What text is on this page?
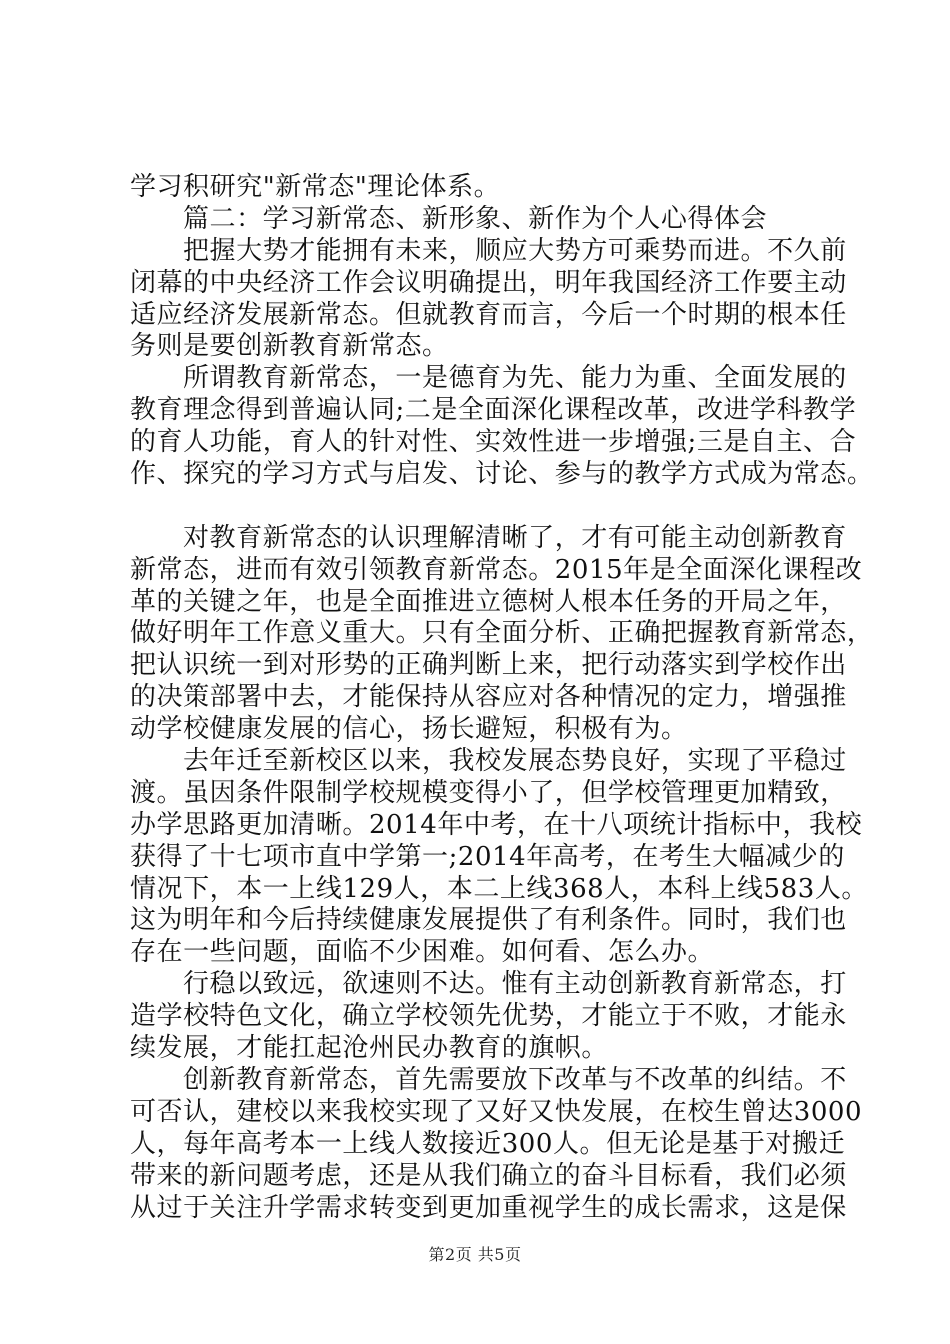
学习积研究"新常态"理论体系。
篇二：学习新常态、新形象、新作为个人心得体会
把握大势才能拥有未来，顺应大势方可乘势而进。不久前
闭幕的中央经济工作会议明确提出，明年我国经济工作要主动
适应经济发展新常态。但就教育而言，今后一个时期的根本任
务则是要创新教育新常态。
所谓教育新常态，一是德育为先、能力为重、全面发展的
教育理念得到普遍认同;二是全面深化课程改革，改进学科教学
的育人功能，育人的针对性、实效性进一步增强;三是自主、合
作、探究的学习方式与启发、讨论、参与的教学方式成为常态。
对教育新常态的认识理解清晰了，才有可能主动创新教育
新常态，进而有效引领教育新常态。2015年是全面深化课程改
革的关键之年，也是全面推进立德树人根本任务的开局之年，
做好明年工作意义重大。只有全面分析、正确把握教育新常态，
把认识统一到对形势的正确判断上来，把行动落实到学校作出
的决策部署中去，才能保持从容应对各种情况的定力，增强推
动学校健康发展的信心，扬长避短，积极有为。
去年迁至新校区以来，我校发展态势良好，实现了平稳过
渡。虽因条件限制学校规模变得小了，但学校管理更加精致，
办学思路更加清晰。2014年中考，在十八项统计指标中，我校
获得了十七项市直中学第一;2014年高考，在考生大幅减少的
情况下，本一上线129人，本二上线368人，本科上线583人。
这为明年和今后持续健康发展提供了有利条件。同时，我们也
存在一些问题，面临不少困难。如何看、怎么办。
行稳以致远，欲速则不达。惟有主动创新教育新常态，打
造学校特色文化，确立学校领先优势，才能立于不败，才能永
续发展，才能扛起沧州民办教育的旗帜。
创新教育新常态，首先需要放下改革与不改革的纠结。不
可否认，建校以来我校实现了又好又快发展，在校生曾达3000
人，每年高考本一上线人数接近300人。但无论是基于对搬迁
带来的新问题考虑，还是从我们确立的奋斗目标看，我们必须
从过于关注升学需求转变到更加重视学生的成长需求，这是保
第2页 共5页
